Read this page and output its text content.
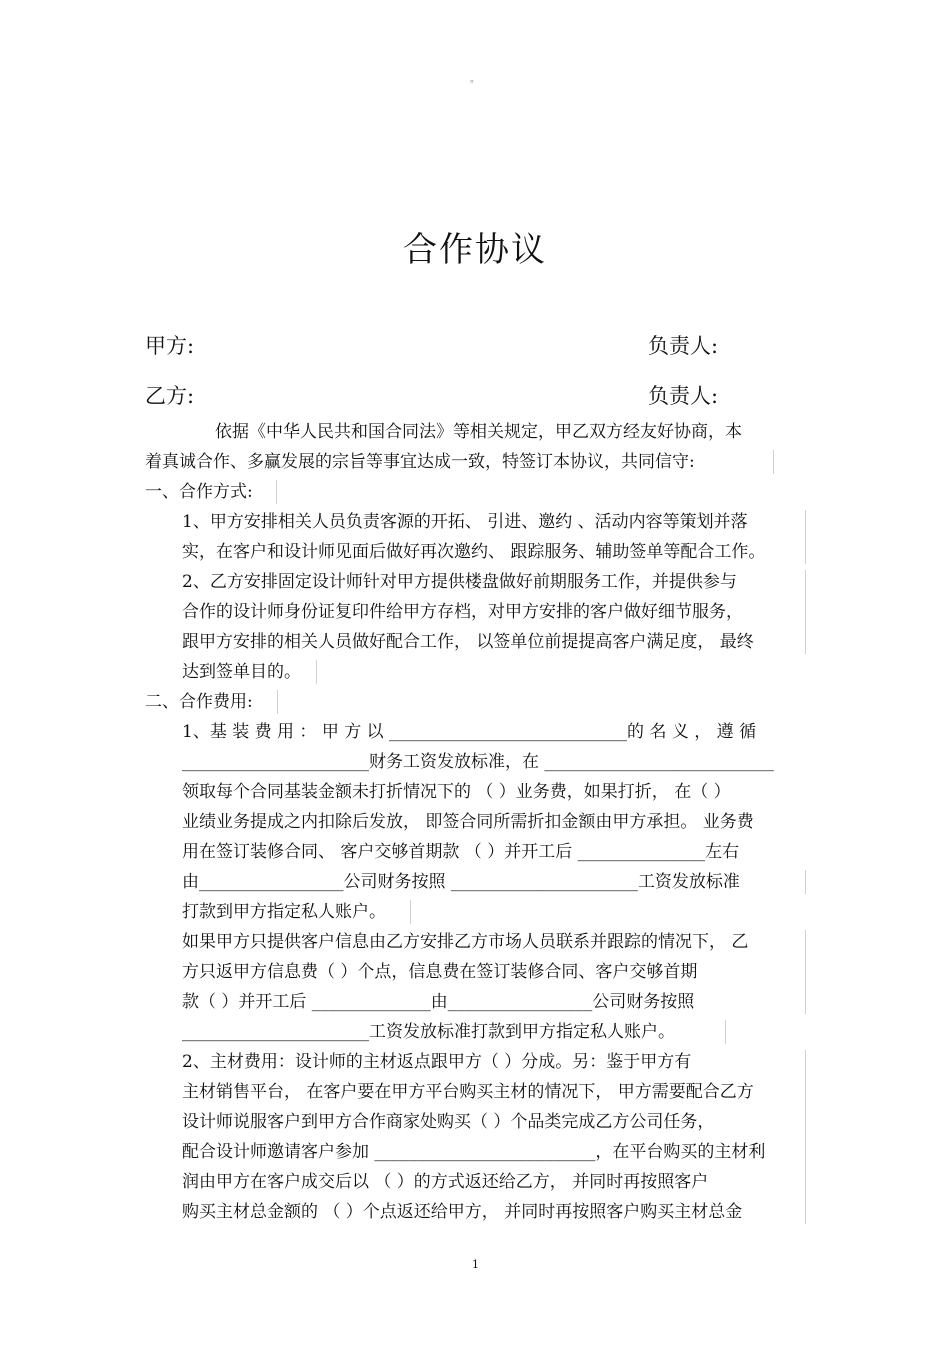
。
合作协议
甲方:	负责人:
乙方:	负责人:
依据《中华人民共和国合同法》等相关规定，甲乙双方经友好协商，本
着真诚合作、多赢发展的宗旨等事宜达成一致，特签订本协议，共同信守:
一、合作方式:
1、甲方安排相关人员负责客源的开拓、 引进、邀约 、活动内容等策划并落
实，在客户和设计师见面后做好再次邀约、 跟踪服务、辅助签单等配合工作。
2、乙方安排固定设计师针对甲方提供楼盘做好前期服务工作，并提供参与
合作的设计师身份证复印件给甲方存档，对甲方安排的客户做好细节服务，
跟甲方安排的相关人员做好配合工作， 以签单位前提提高客户满足度， 最终
达到签单目的。
二、合作费用:
1、基 装 费 用 ： 甲 方 以 ____________________________的 名 义 ， 遵 循
______________________财务工资发放标准，在 ___________________________
领取每个合同基装金额未打折情况下的 （ ）业务费，如果打折， 在（ ）
业绩业务提成之内扣除后发放， 即签合同所需折扣金额由甲方承担。 业务费
用在签订装修合同、 客户交够首期款 （ ）并开工后 _______________左右
由_________________公司财务按照 ______________________工资发放标准
打款到甲方指定私人账户。
如果甲方只提供客户信息由乙方安排乙方市场人员联系并跟踪的情况下， 乙
方只返甲方信息费（ ）个点，信息费在签订装修合同、客户交够首期
款（ ）并开工后 ______________由_________________公司财务按照
______________________工资发放标准打款到甲方指定私人账户。
2、主材费用：设计师的主材返点跟甲方（ ）分成。另：鉴于甲方有
主材销售平台， 在客户要在甲方平台购买主材的情况下， 甲方需要配合乙方
设计师说服客户到甲方合作商家处购买（ ）个品类完成乙方公司任务，
配合设计师邀请客户参加 __________________________，在平台购买的主材利
润由甲方在客户成交后以 （ ）的方式返还给乙方， 并同时再按照客户
购买主材总金额的 （ ）个点返还给甲方， 并同时再按照客户购买主材总金
1
